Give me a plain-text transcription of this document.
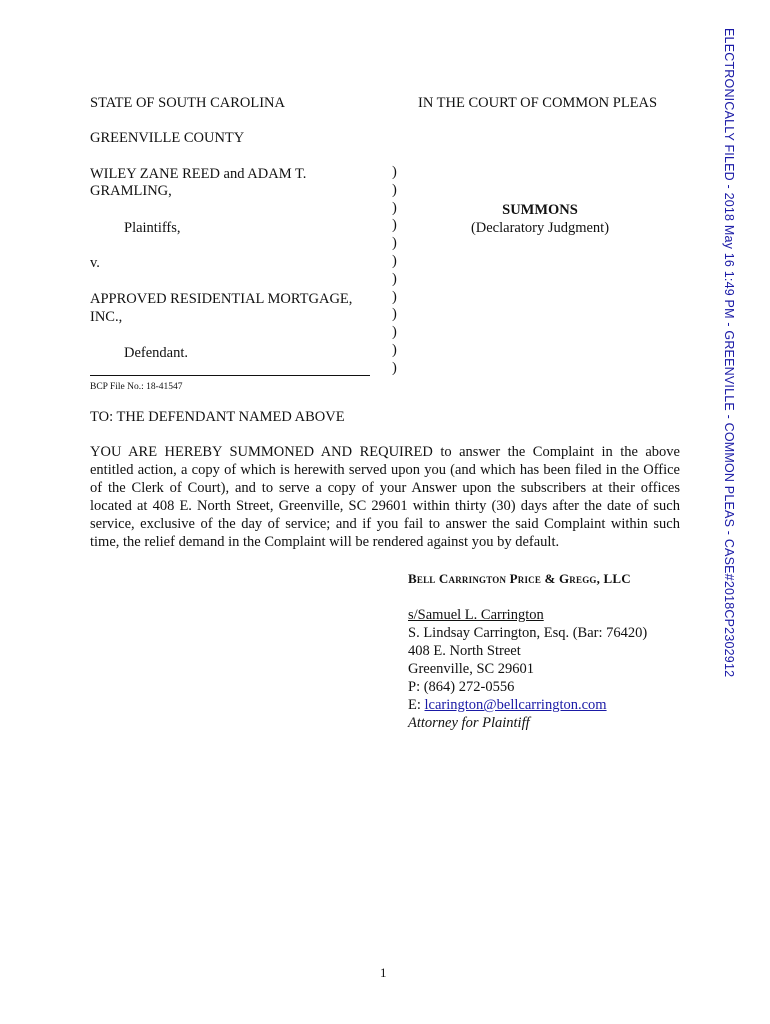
ELECTRONICALLY FILED - 2018 May 16 1:49 PM - GREENVILLE - COMMON PLEAS - CASE#2018CP2302912
STATE OF SOUTH CAROLINA	IN THE COURT OF COMMON PLEAS
GREENVILLE COUNTY
WILEY ZANE REED and ADAM T.
GRAMLING,
Plaintiffs,
v.
APPROVED RESIDENTIAL MORTGAGE,
INC.,
Defendant.
)
)
)
)
)
)
)
)
)
)
)
)
SUMMONS
(Declaratory Judgment)
BCP File No.: 18-41547
TO: THE DEFENDANT NAMED ABOVE
YOU ARE HEREBY SUMMONED AND REQUIRED to answer the Complaint in the above entitled action, a copy of which is herewith served upon you (and which has been filed in the Office of the Clerk of Court), and to serve a copy of your Answer upon the subscribers at their offices located at 408 E. North Street, Greenville, SC 29601 within thirty (30) days after the date of such service, exclusive of the day of service; and if you fail to answer the said Complaint within such time, the relief demand in the Complaint will be rendered against you by default.
Bell Carrington Price & Gregg, LLC
s/Samuel L. Carrington
S. Lindsay Carrington, Esq. (Bar: 76420)
408 E. North Street
Greenville, SC 29601
P: (864) 272-0556
E: lcarington@bellcarrington.com
Attorney for Plaintiff
1
